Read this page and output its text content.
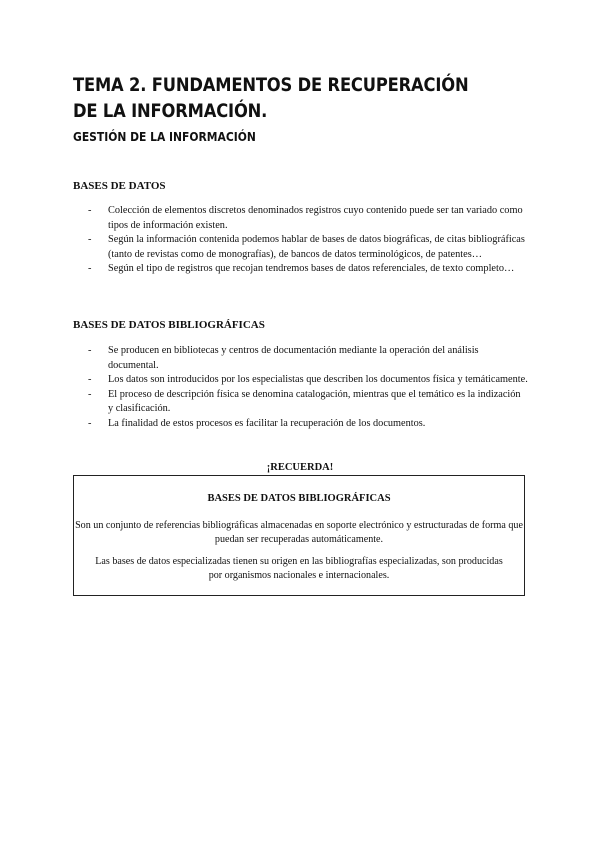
TEMA 2. FUNDAMENTOS DE RECUPERACIÓN DE LA INFORMACIÓN.
GESTIÓN DE LA INFORMACIÓN
BASES DE DATOS
- Colección de elementos discretos denominados registros cuyo contenido puede ser tan variado como tipos de información existen.
- Según la información contenida podemos hablar de bases de datos biográficas, de citas bibliográficas (tanto de revistas como de monografías), de bancos de datos terminológicos, de patentes…
- Según el tipo de registros que recojan tendremos bases de datos referenciales, de texto completo…
BASES DE DATOS BIBLIOGRÁFICAS
- Se producen en bibliotecas y centros de documentación mediante la operación del análisis documental.
- Los datos son introducidos por los especialistas que describen los documentos física y temáticamente.
- El proceso de descripción física se denomina catalogación, mientras que el temático es la indización y clasificación.
- La finalidad de estos procesos es facilitar la recuperación de los documentos.
¡RECUERDA!
BASES DE DATOS BIBLIOGRÁFICAS
Son un conjunto de referencias bibliográficas almacenadas en soporte electrónico y estructuradas de forma que puedan ser recuperadas automáticamente.
Las bases de datos especializadas tienen su origen en las bibliografías especializadas, son producidas por organismos nacionales e internacionales.
